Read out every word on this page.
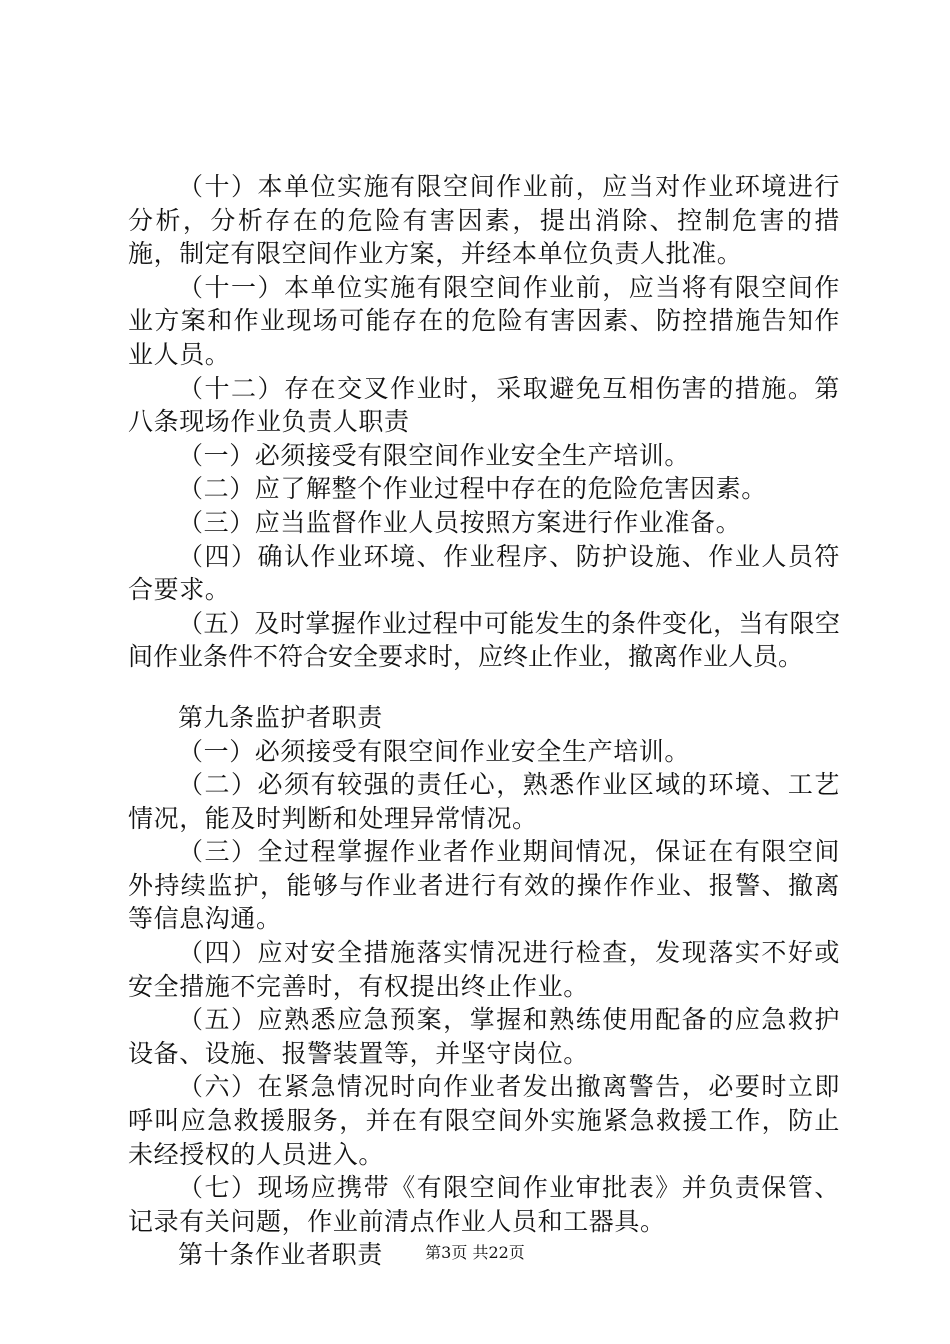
（十）本单位实施有限空间作业前，应当对作业环境进行分析，分析存在的危险有害因素，提出消除、控制危害的措施，制定有限空间作业方案，并经本单位负责人批准。

（十一）本单位实施有限空间作业前，应当将有限空间作业方案和作业现场可能存在的危险有害因素、防控措施告知作业人员。

（十二）存在交叉作业时，采取避免互相伤害的措施。第八条现场作业负责人职责

（一）必须接受有限空间作业安全生产培训。

（二）应了解整个作业过程中存在的危险危害因素。

（三）应当监督作业人员按照方案进行作业准备。

（四）确认作业环境、作业程序、防护设施、作业人员符合要求。

（五）及时掌握作业过程中可能发生的条件变化，当有限空间作业条件不符合安全要求时，应终止作业，撤离作业人员。

第九条监护者职责

（一）必须接受有限空间作业安全生产培训。

（二）必须有较强的责任心，熟悉作业区域的环境、工艺情况，能及时判断和处理异常情况。

（三）全过程掌握作业者作业期间情况，保证在有限空间外持续监护，能够与作业者进行有效的操作作业、报警、撤离等信息沟通。

（四）应对安全措施落实情况进行检查，发现落实不好或安全措施不完善时，有权提出终止作业。

（五）应熟悉应急预案，掌握和熟练使用配备的应急救护设备、设施、报警装置等，并坚守岗位。

（六）在紧急情况时向作业者发出撤离警告，必要时立即呼叫应急救援服务，并在有限空间外实施紧急救援工作，防止未经授权的人员进入。

（七）现场应携带《有限空间作业审批表》并负责保管、记录有关问题，作业前清点作业人员和工器具。

第十条作业者职责	第3页 共22页
